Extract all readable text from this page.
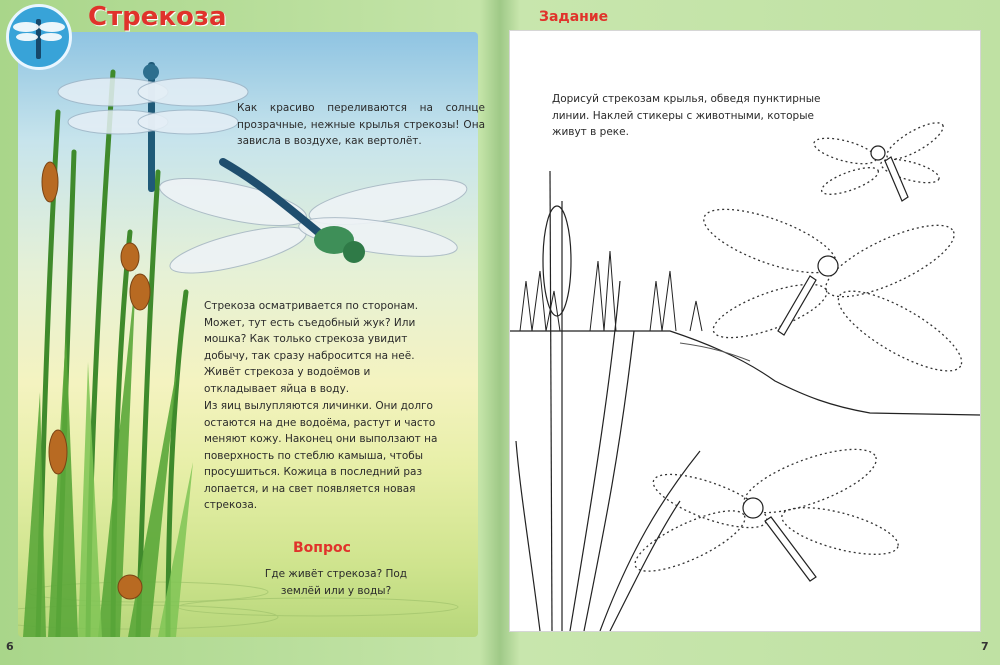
Стрекоза

Как красиво переливаются на солнце прозрачные, нежные крылья стрекозы! Она зависла в воздухе, как вертолёт.

Стрекоза осматривается по сторонам. Может, тут есть съедобный жук? Или мошка? Как только стрекоза увидит добычу, так сразу набросится на неё. Живёт стрекоза у водоёмов и откладывает яйца в воду.

Из яиц вылупляются личинки. Они долго остаются на дне водоёма, растут и часто меняют кожу. Наконец они выползают на поверхность по стеблю камыша, чтобы просушиться. Кожица в последний раз лопается, и на свет появляется новая стрекоза.

Вопрос

Где живёт стрекоза? Под землёй или у воды?

6
Задание

Дорисуй стрекозам крылья, обведя пунктирные линии. Наклей стикеры с животными, которые живут в реке.

7
